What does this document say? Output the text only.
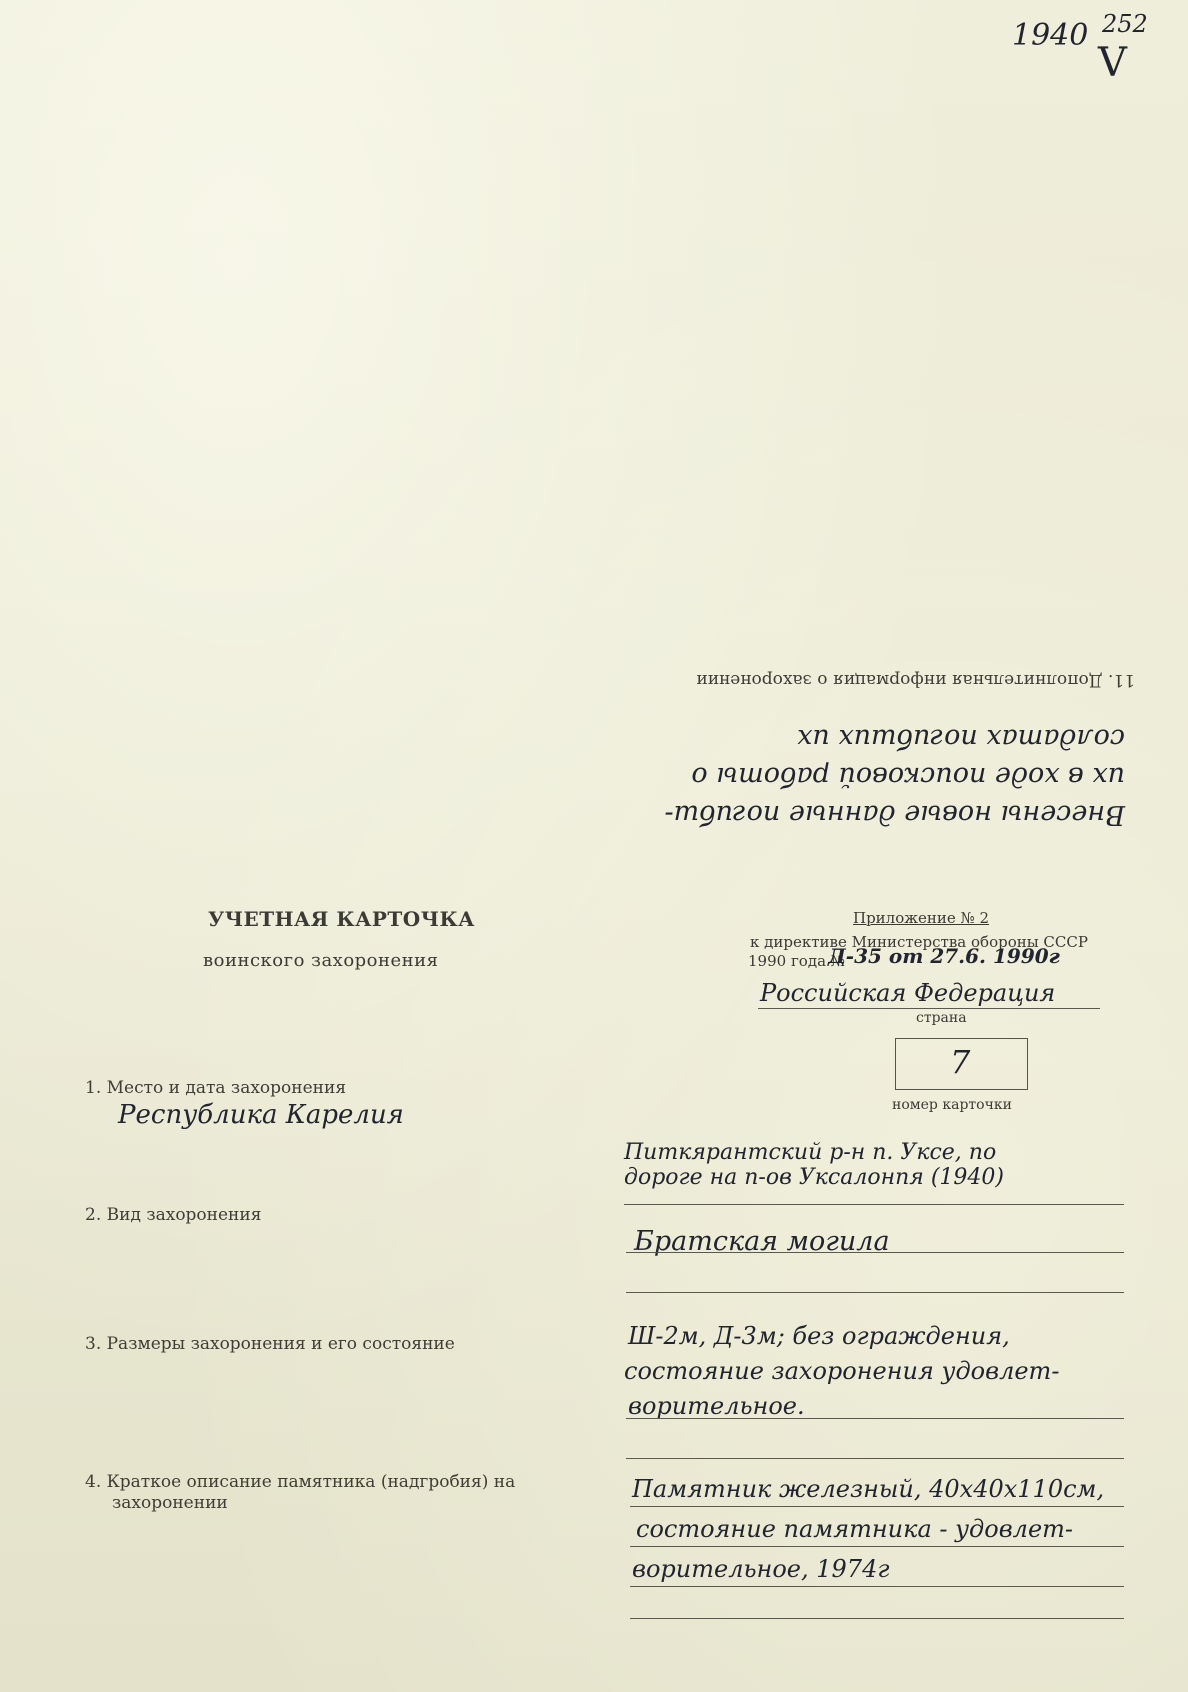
1940 252
V
11. Дополнительная информация о захоронении
Внесены новые данные погибш-
их в ходе поисковой работы о
солдатах погибших их
УЧЕТНАЯ КАРТОЧКА
воинского захоронения
Приложение № 2
к директиве Министерства обороны СССР
1990 года №
Д-35 от 27.6. 1990г
Российская Федерация
страна
7
номер карточки
1. Место и дата захоронения
Республика Карелия
Питкярантский р-н п. Уксе, по
дороге на п-ов Уксалонпя (1940)
2. Вид захоронения
Братская могила
3. Размеры захоронения и его состояние	Ш-2м, Д-3м; без ограждения,
состояние захоронения удовлет-
ворительное.
4. Краткое описание памятника (надгробия) на
захоронении	Памятник железный, 40х40х110см,
состояние памятника - удовлет-
ворительное, 1974г
